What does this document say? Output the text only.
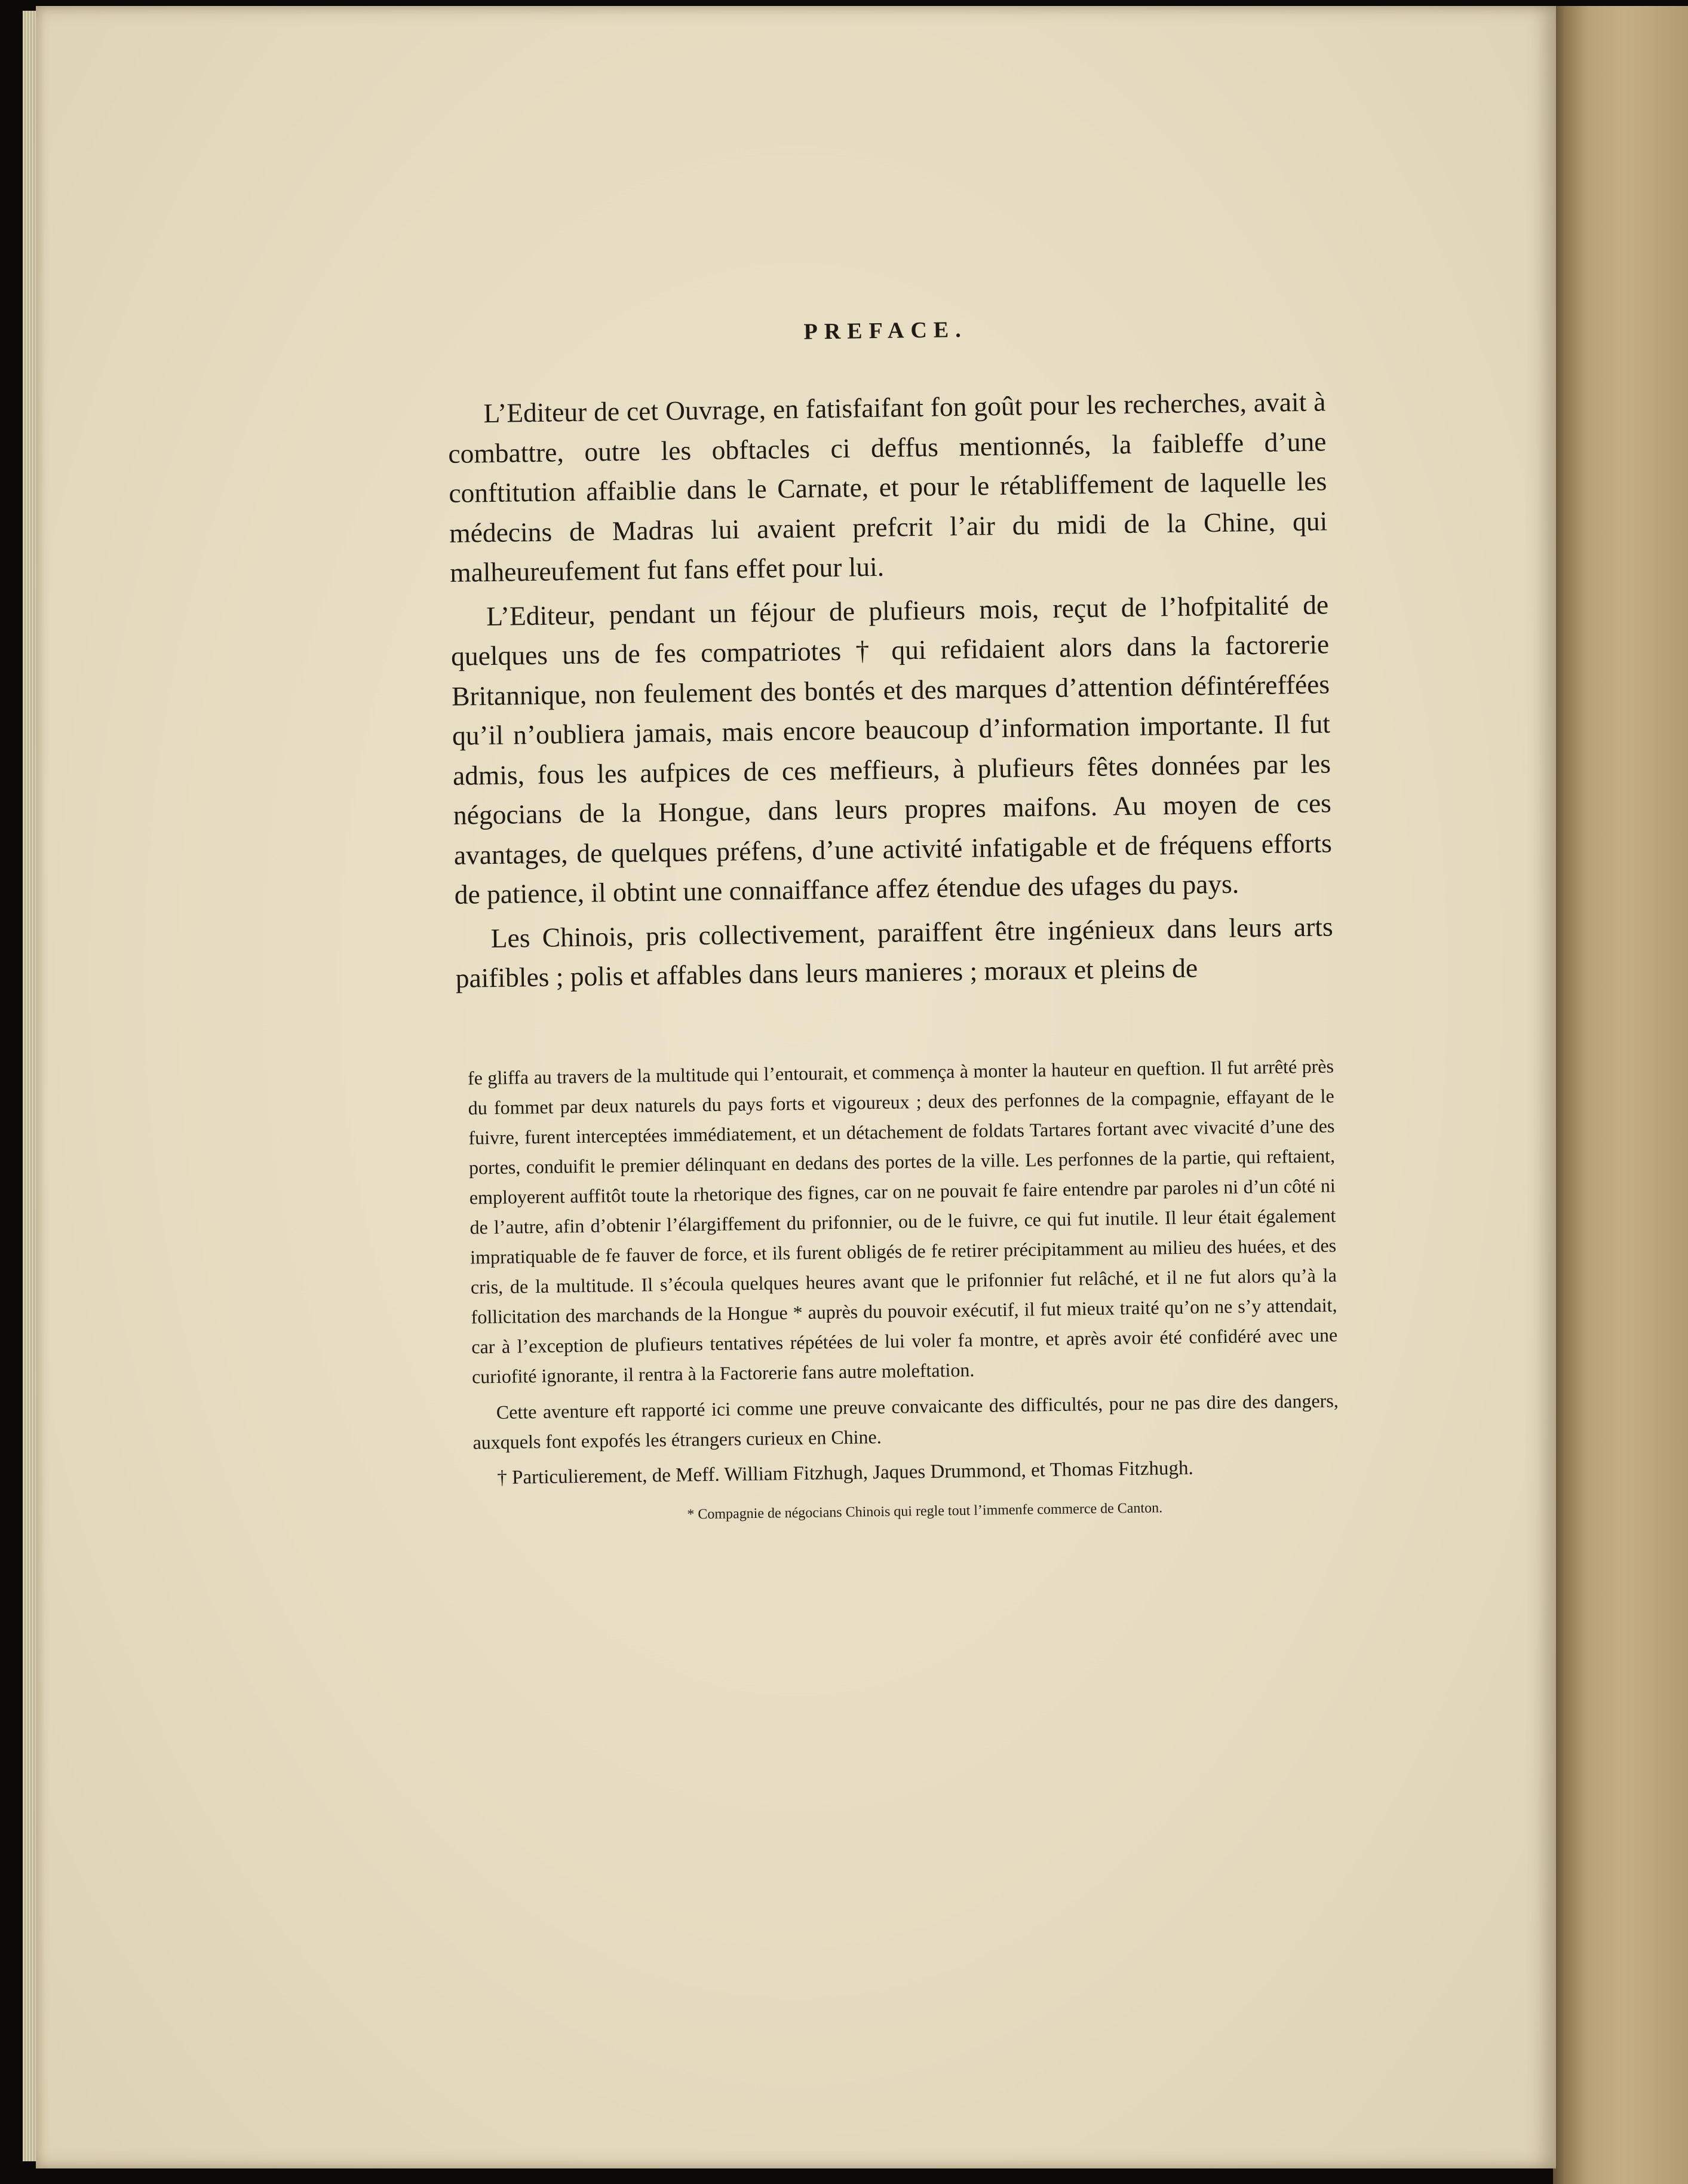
PREFACE.

L’Editeur de cet Ouvrage, en fatisfaifant fon goût pour les recherches, avait à combattre, outre les obftacles ci deffus mentionnés, la faibleffe d’une conftitution affaiblie dans le Carnate, et pour le rétabliffement de laquelle les médecins de Madras lui avaient prefcrit l’air du midi de la Chine, qui malheureufement fut fans effet pour lui.

L’Editeur, pendant un féjour de plufieurs mois, reçut de l’hofpitalité de quelques uns de fes compatriotes † qui refidaient alors dans la factorerie Britannique, non feulement des bontés et des marques d’attention défintéreffées qu’il n’oubliera jamais, mais encore beaucoup d’information importante. Il fut admis, fous les aufpices de ces meffieurs, à plufieurs fêtes données par les négocians de la Hongue, dans leurs propres maifons. Au moyen de ces avantages, de quelques préfens, d’une activité infatigable et de fréquens efforts de patience, il obtint une connaiffance affez étendue des ufages du pays.

Les Chinois, pris collectivement, paraiffent être ingénieux dans leurs arts paifibles ; polis et affables dans leurs manieres ; moraux et pleins de

fe gliffa au travers de la multitude qui l’entourait, et commença à monter la hauteur en queftion. Il fut arrêté près du fommet par deux naturels du pays forts et vigoureux ; deux des perfonnes de la compagnie, effayant de le fuivre, furent interceptées immédiatement, et un détachement de foldats Tartares fortant avec vivacité d’une des portes, conduifit le premier délinquant en dedans des portes de la ville. Les perfonnes de la partie, qui reftaient, employerent auffitôt toute la rhetorique des fignes, car on ne pouvait fe faire entendre par paroles ni d’un côté ni de l’autre, afin d’obtenir l’élargiffement du prifonnier, ou de le fuivre, ce qui fut inutile. Il leur était également impratiquable de fe fauver de force, et ils furent obligés de fe retirer précipitamment au milieu des huées, et des cris, de la multitude. Il s’écoula quelques heures avant que le prifonnier fut relâché, et il ne fut alors qu’à la follicitation des marchands de la Hongue * auprès du pouvoir exécutif, il fut mieux traité qu’on ne s’y attendait, car à l’exception de plufieurs tentatives répétées de lui voler fa montre, et après avoir été confidéré avec une curiofité ignorante, il rentra à la Factorerie fans autre moleftation.

Cette aventure eft rapporté ici comme une preuve convaicante des difficultés, pour ne pas dire des dangers, auxquels font expofés les étrangers curieux en Chine.

† Particulierement, de Meff. William Fitzhugh, Jaques Drummond, et Thomas Fitzhugh.

* Compagnie de négocians Chinois qui regle tout l’immenfe commerce de Canton.
